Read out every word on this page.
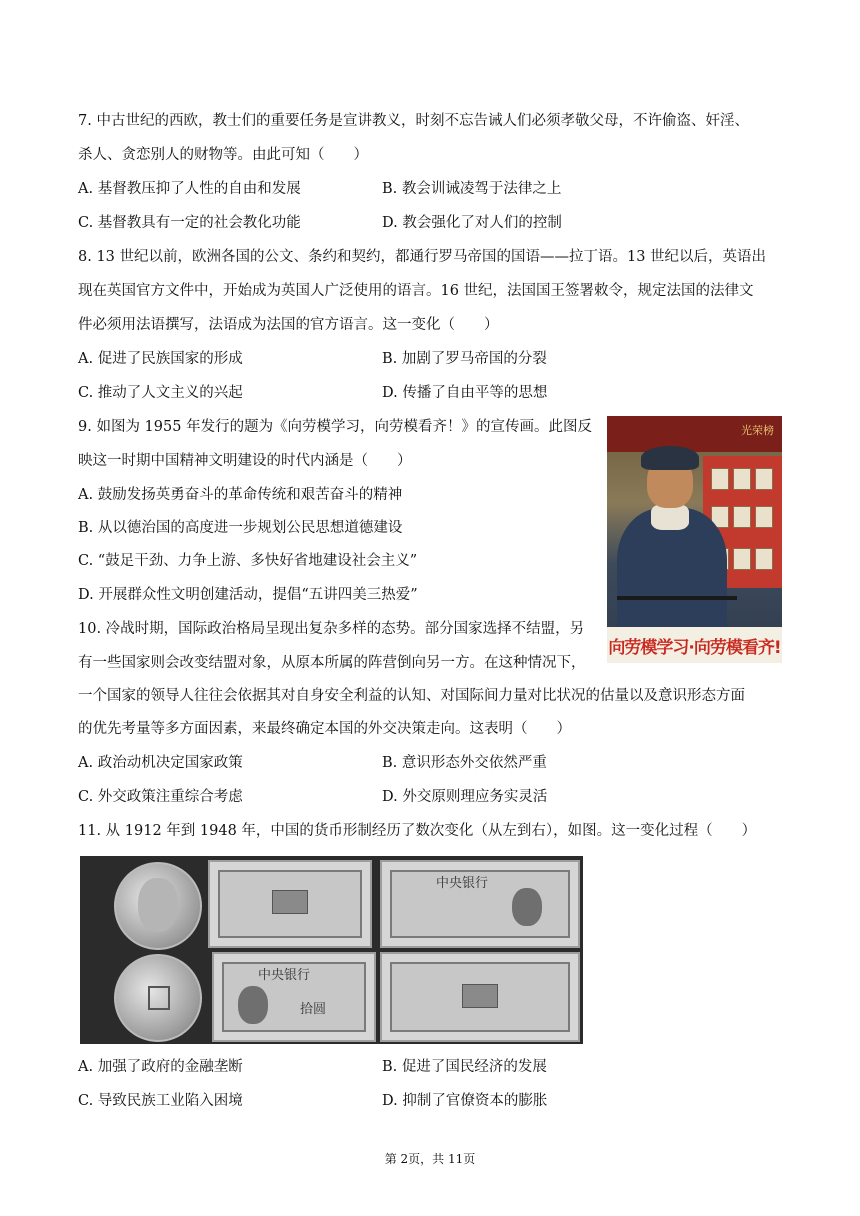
7. 中古世纪的西欧，教士们的重要任务是宣讲教义，时刻不忘告诫人们必须孝敬父母，不许偷盗、奸淫、
杀人、贪恋别人的财物等。由此可知（　　）
A. 基督教压抑了人性的自由和发展	B. 教会训诫凌驾于法律之上
C. 基督教具有一定的社会教化功能	D. 教会强化了对人们的控制
8. 13 世纪以前，欧洲各国的公文、条约和契约，都通行罗马帝国的国语——拉丁语。13 世纪以后，英语出
现在英国官方文件中，开始成为英国人广泛使用的语言。16 世纪，法国国王签署敕令，规定法国的法律文
件必须用法语撰写，法语成为法国的官方语言。这一变化（　　）
A. 促进了民族国家的形成	B. 加剧了罗马帝国的分裂
C. 推动了人文主义的兴起	D. 传播了自由平等的思想
9. 如图为 1955 年发行的题为《向劳模学习，向劳模看齐！》的宣传画。此图反
映这一时期中国精神文明建设的时代内涵是（　　）
A. 鼓励发扬英勇奋斗的革命传统和艰苦奋斗的精神
B. 从以德治国的高度进一步规划公民思想道德建设
C. “鼓足干劲、力争上游、多快好省地建设社会主义”
D. 开展群众性文明创建活动，提倡“五讲四美三热爱”
光荣榜
向劳模学习·向劳模看齐!
10. 冷战时期，国际政治格局呈现出复杂多样的态势。部分国家选择不结盟，另
有一些国家则会改变结盟对象，从原本所属的阵营倒向另一方。在这种情况下，
一个国家的领导人往往会依据其对自身安全利益的认知、对国际间力量对比状况的估量以及意识形态方面
的优先考量等多方面因素，来最终确定本国的外交决策走向。这表明（　　）
A. 政治动机决定国家政策	B. 意识形态外交依然严重
C. 外交政策注重综合考虑	D. 外交原则理应务实灵活
11. 从 1912 年到 1948 年，中国的货币形制经历了数次变化（从左到右），如图。这一变化过程（　　）
中央银行
中央银行
拾圆
A. 加强了政府的金融垄断	B. 促进了国民经济的发展
C. 导致民族工业陷入困境	D. 抑制了官僚资本的膨胀
第 2页，共 11页
